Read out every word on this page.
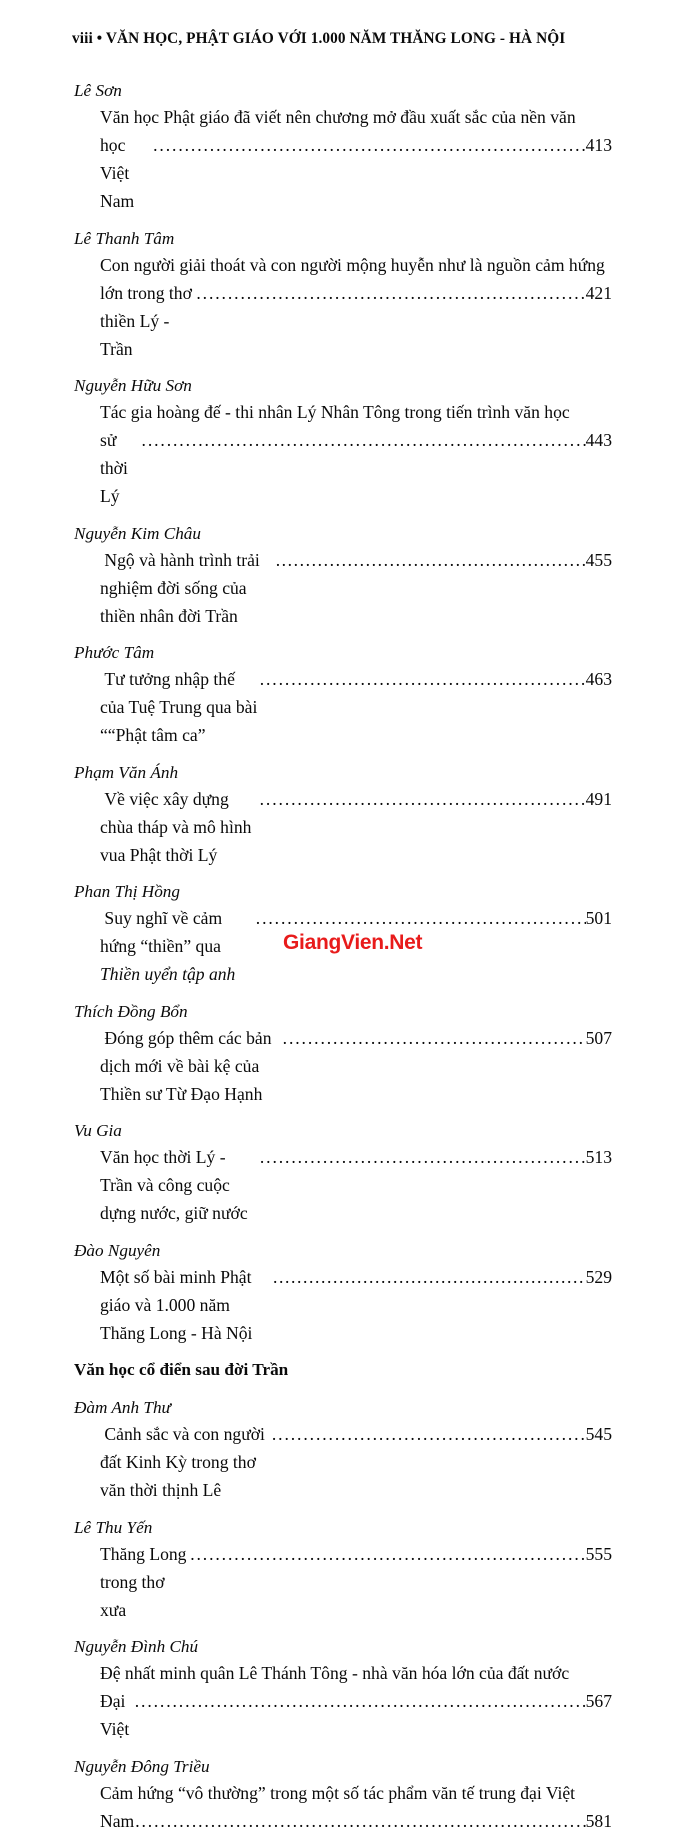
viii • VĂN HỌC, PHẬT GIÁO VỚI 1.000 NĂM THĂNG LONG - HÀ NỘI
Lê Sơn
Văn học Phật giáo đã viết nên chương mở đầu xuất sắc của nền văn
học Việt Nam
.....
413
Lê Thanh Tâm
Con người giải thoát và con người mộng huyễn như là nguồn cảm hứng
lớn trong thơ thiền Lý - Trần
.....
421
Nguyễn Hữu Sơn
Tác gia hoàng đế - thi nhân Lý Nhân Tông trong tiến trình văn học
sử thời Lý
.....
443
Nguyễn Kim Châu
Ngộ và hành trình trải nghiệm đời sống của thiền nhân đời Trần
.....
455
Phước Tâm
Tư tưởng nhập thế của Tuệ Trung qua bài ““Phật tâm ca”
.....
463
Phạm Văn Ánh
Về việc xây dựng chùa tháp và mô hình vua Phật thời Lý
.....
491
Phan Thị Hồng
Suy nghĩ về cảm hứng “thiền” qua Thiền uyển tập anh
.....
501
Thích Đồng Bổn
Đóng góp thêm các bản dịch mới về bài kệ của Thiền sư Từ Đạo Hạnh
.....
507
Vu Gia
Văn học thời Lý - Trần và công cuộc dựng nước, giữ nước
.....
513
Đào Nguyên
Một số bài minh Phật giáo và 1.000 năm Thăng Long - Hà Nội
.....
529
Văn học cổ điển sau đời Trần
Đàm Anh Thư
Cảnh sắc và con người đất Kinh Kỳ trong thơ văn thời thịnh Lê
.....
545
Lê Thu Yến
Thăng Long trong thơ xưa
.....
555
Nguyễn Đình Chú
Đệ nhất minh quân Lê Thánh Tông - nhà văn hóa lớn của đất nước
Đại Việt
.....
567
Nguyễn Đông Triều
Cảm hứng “vô thường” trong một số tác phẩm văn tế trung đại Việt
Nam .....	581
GiangVien.Net
